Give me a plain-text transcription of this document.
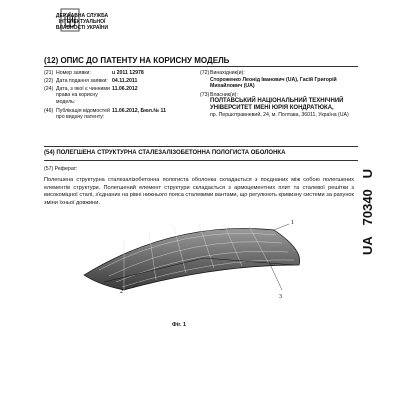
ДЕРЖАВНА СЛУЖБА ІНТЕЛЕКТУАЛЬНОЇ ВЛАСНОСТІ УКРАЇНИ
(12) ОПИС ДО ПАТЕНТУ НА КОРИСНУ МОДЕЛЬ
(21) Номер заявки:	u 2011 12978
(22) Дата подання заявки: 04.11.2011
(24) Дата, з якої є чинними права на корисну модель:
11.06.2012
(46) Публікація відомостей про видачу патенту:
11.06.2012, Бюл.№ 11
(72) Винахідник(и):
Стороженко Леонід Іванович (UA), Гасій Григорій Михайлович (UA)
(73) Власник(и):
ПОЛТАВСЬКИЙ НАЦІОНАЛЬНИЙ ТЕХНІЧНИЙ УНІВЕРСИТЕТ ІМЕНІ ЮРІЯ КОНДРАТЮКА,
пр. Першотравневий, 24, м. Полтава, 36011, Україна (UA)
(54) ПОЛЕГШЕНА СТРУКТУРНА СТАЛЕЗАЛІЗОБЕТОННА ПОЛОГИСТА ОБОЛОНКА
(57) Реферат:
Полегшена структурна сталезалізобетонна пологиста оболонка складається з поєднаних між собою полегшених елементів структури. Полегшений елемент структури складається з армоцементних плит та сталевої решітки з високоміцної сталі, з'єднаних на рівні нижнього пояса сталевими вантами, що регулюють кривизну системи за рахунок зміни їхньої довжини.
2
3
1
Фіг. 1
UA   70340   U
